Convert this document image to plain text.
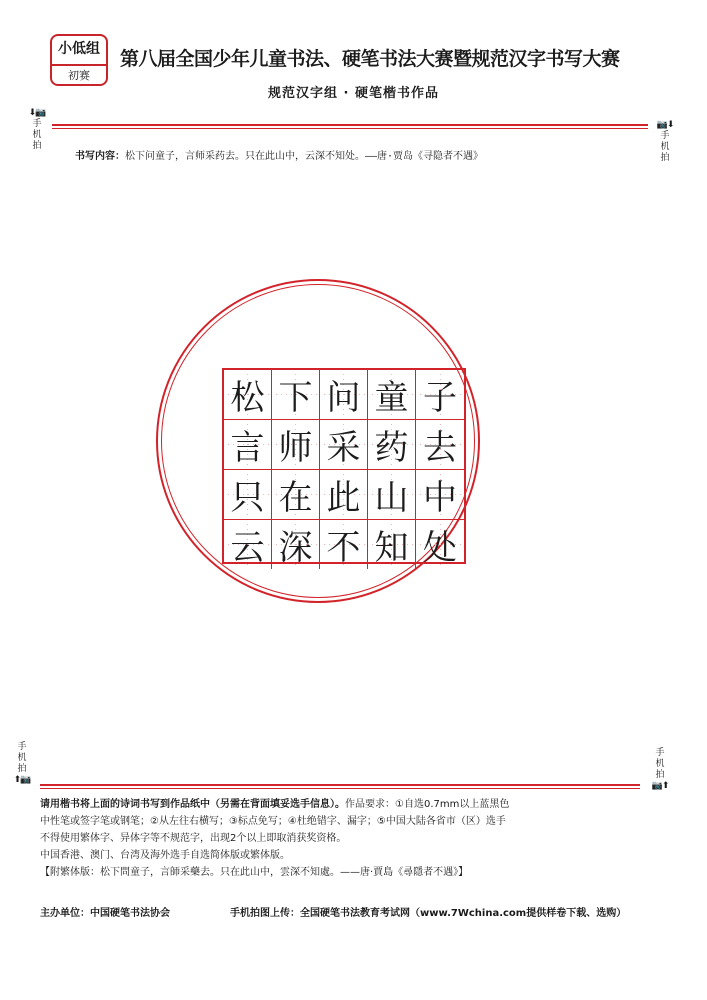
小低组
初赛
第八届全国少年儿童书法、硬笔书法大赛暨规范汉字书写大赛
规范汉字组 · 硬笔楷书作品
⬇📷
手机拍
📷⬇
手机拍
书写内容：松下问童子，言师采药去。只在此山中，云深不知处。——唐·贾岛《寻隐者不遇》
松 下 问 童 子
言 师 采 药 去
只 在 此 山 中
云 深 不 知 处
手机拍
⬆📷
手机拍
📷⬆
请用楷书将上面的诗词书写到作品纸中（另需在背面填妥选手信息）。作品要求：①自选0.7mm以上蓝黑色
中性笔或签字笔或钢笔；②从左往右横写；③标点免写；④杜绝错字、漏字；⑤中国大陆各省市（区）选手
不得使用繁体字、异体字等不规范字，出现2个以上即取消获奖资格。
中国香港、澳门、台湾及海外选手自选简体版或繁体版。
【附繁体版：松下問童子，言師采藥去。只在此山中，雲深不知處。——唐·賈島《尋隱者不遇》】
主办单位：中国硬笔书法协会	手机拍图上传：全国硬笔书法教育考试网（www.7Wchina.com提供样卷下载、选购）
